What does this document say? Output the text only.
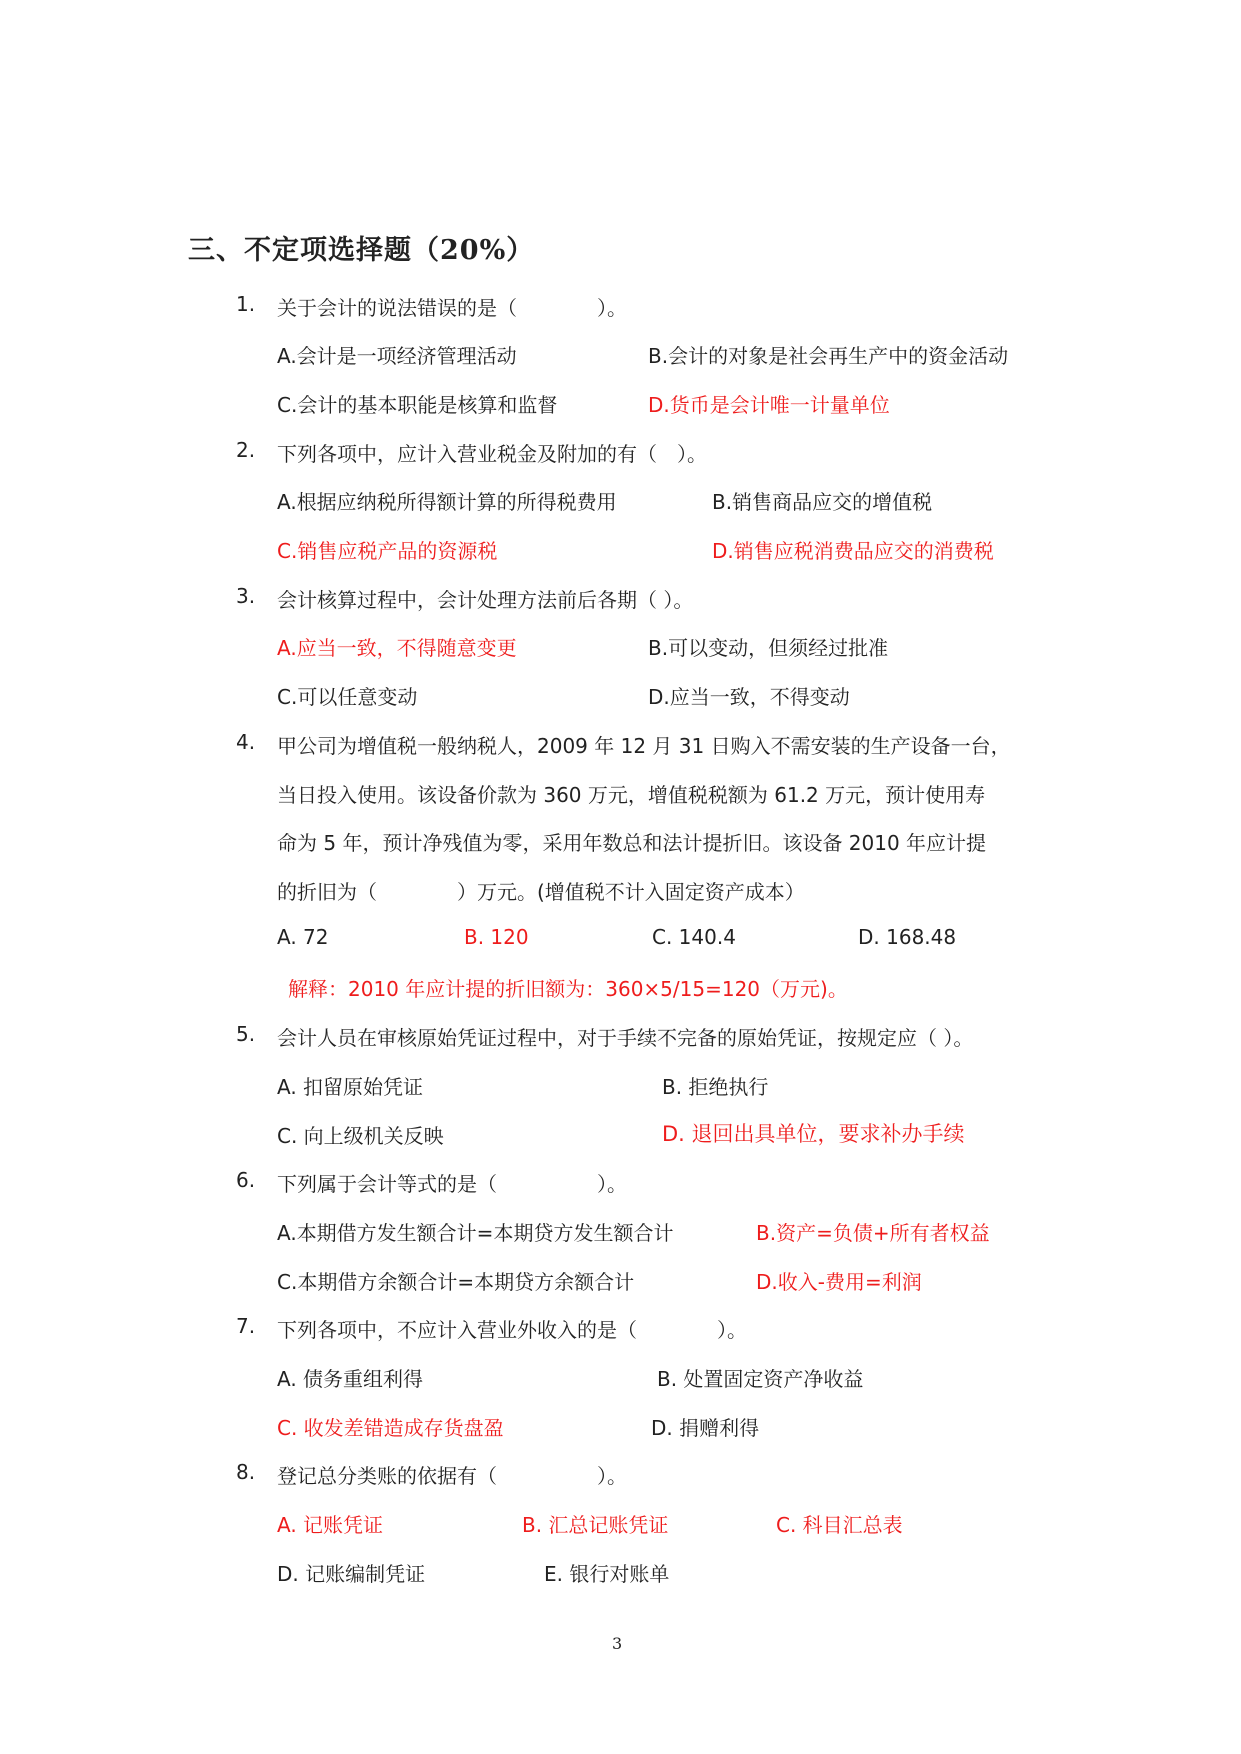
三、不定项选择题（20%）
1. 关于会计的说法错误的是（　　　　）。
A.会计是一项经济管理活动	B.会计的对象是社会再生产中的资金活动
C.会计的基本职能是核算和监督	D.货币是会计唯一计量单位
2. 下列各项中，应计入营业税金及附加的有（　）。
A.根据应纳税所得额计算的所得税费用	B.销售商品应交的增值税
C.销售应税产品的资源税	D.销售应税消费品应交的消费税
3. 会计核算过程中，会计处理方法前后各期（ ）。
A.应当一致，不得随意变更	B.可以变动，但须经过批准
C.可以任意变动	D.应当一致，不得变动
4. 甲公司为增值税一般纳税人，2009 年 12 月 31 日购入不需安装的生产设备一台，
当日投入使用。该设备价款为 360 万元，增值税税额为 61.2 万元，预计使用寿
命为 5 年，预计净残值为零，采用年数总和法计提折旧。该设备 2010 年应计提
的折旧为（　　　　）万元。(增值税不计入固定资产成本）
A. 72	B. 120	C. 140.4	D. 168.48
解释：2010 年应计提的折旧额为：360×5/15=120（万元)。
5. 会计人员在审核原始凭证过程中，对于手续不完备的原始凭证，按规定应（ ）。
A. 扣留原始凭证	B. 拒绝执行
C. 向上级机关反映	D. 退回出具单位，要求补办手续
6. 下列属于会计等式的是（　　　　　）。
A.本期借方发生额合计=本期贷方发生额合计	B.资产=负债+所有者权益
C.本期借方余额合计=本期贷方余额合计	D.收入-费用=利润
7. 下列各项中，不应计入营业外收入的是（　　　　）。
A. 债务重组利得	B. 处置固定资产净收益
C. 收发差错造成存货盘盈	D. 捐赠利得
8. 登记总分类账的依据有（　　　　　）。
A. 记账凭证	B. 汇总记账凭证	C. 科目汇总表
D. 记账编制凭证	E. 银行对账单
3
